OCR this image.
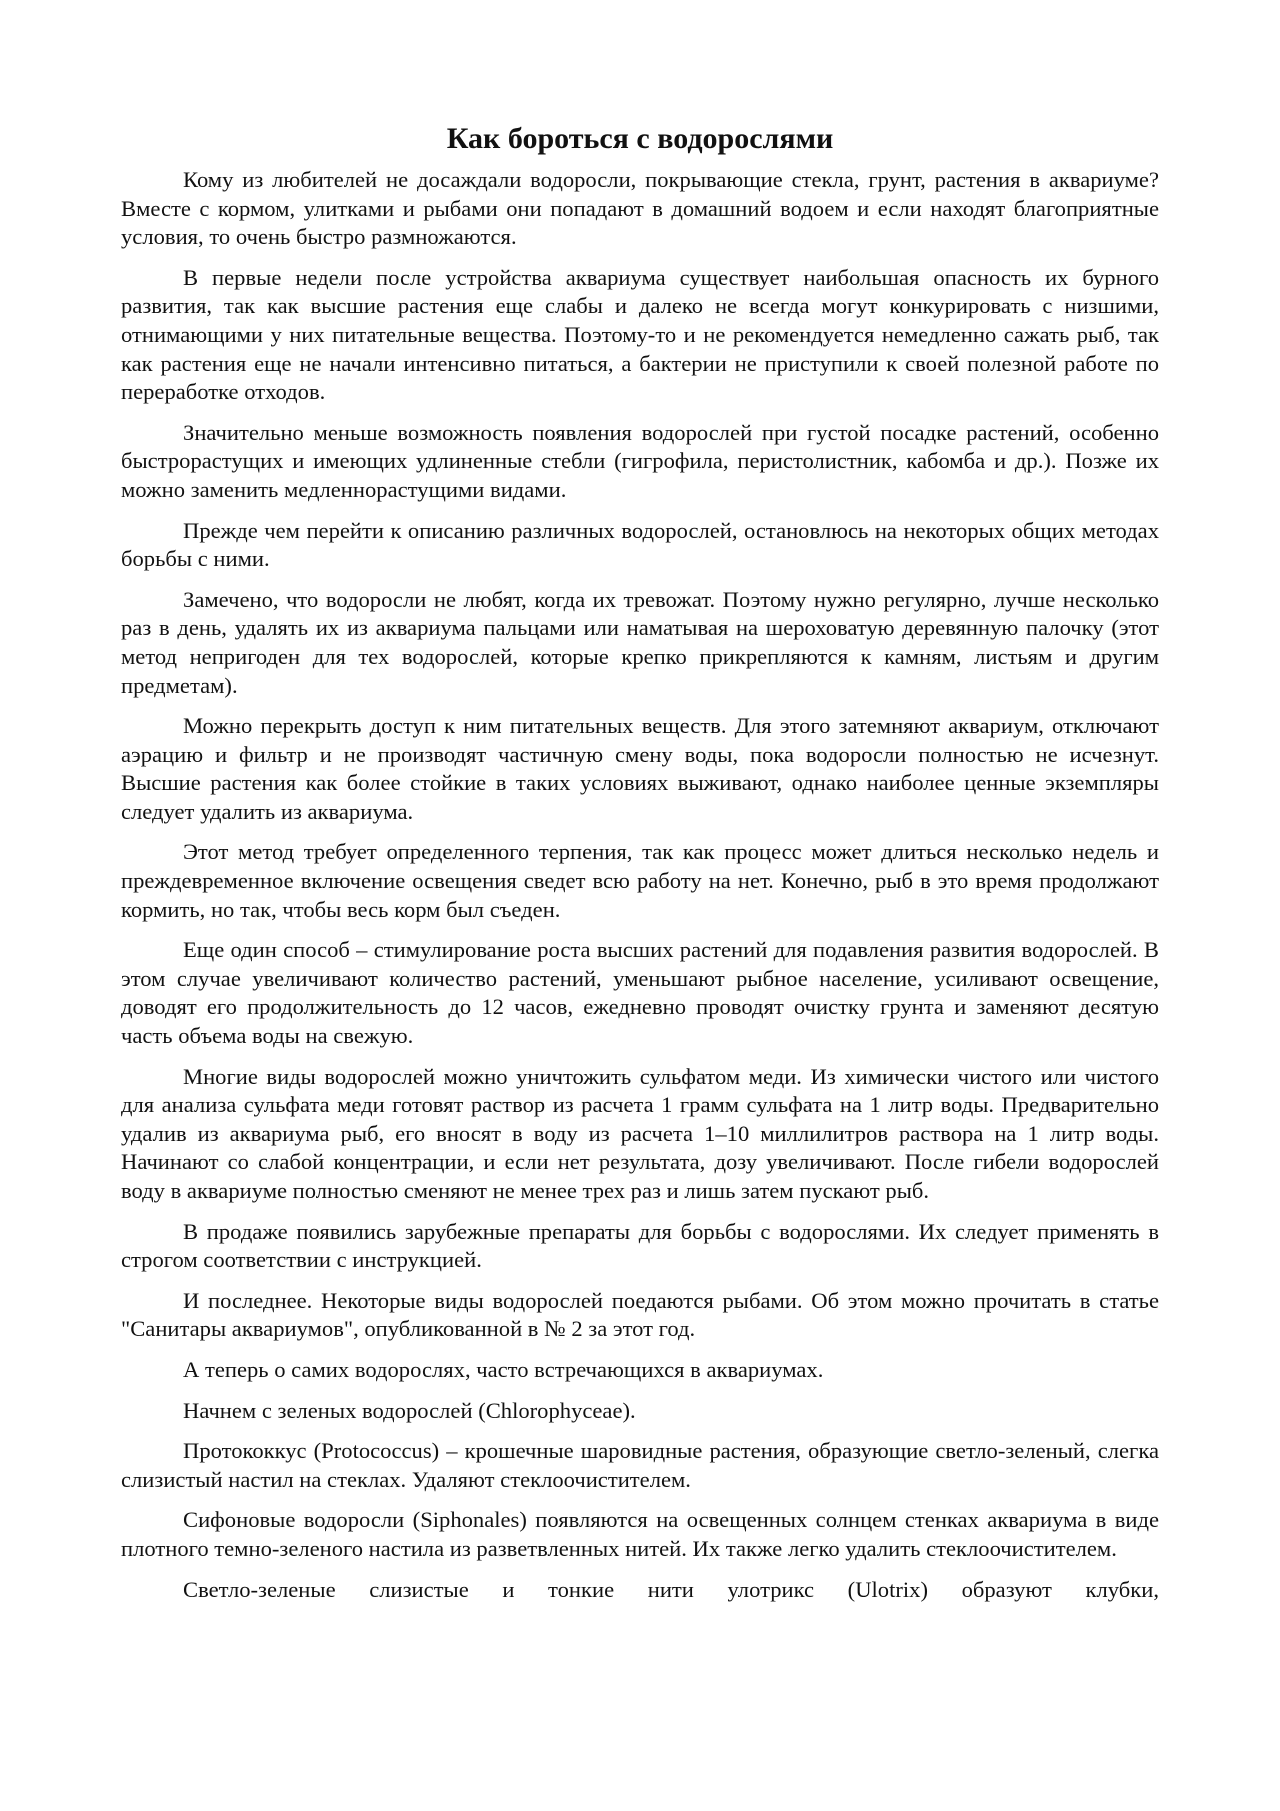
Как бороться с водорослями

Кому из любителей не досаждали водоросли, покрывающие стекла, грунт, растения в аквариуме? Вместе с кормом, улитками и рыбами они попадают в домашний водоем и если находят благоприятные условия, то очень быстро размножаются.

В первые недели после устройства аквариума существует наибольшая опасность их бурного развития, так как высшие растения еще слабы и далеко не всегда могут конкурировать с низшими, отнимающими у них питательные вещества. Поэтому-то и не рекомендуется немедленно сажать рыб, так как растения еще не начали интенсивно питаться, а бактерии не приступили к своей полезной работе по переработке отходов.

Значительно меньше возможность появления водорослей при густой посадке растений, особенно быстрорастущих и имеющих удлиненные стебли (гигрофила, перистолистник, кабомба и др.). Позже их можно заменить медленнорастущими видами.

Прежде чем перейти к описанию различных водорослей, остановлюсь на некоторых общих методах борьбы с ними.

Замечено, что водоросли не любят, когда их тревожат. Поэтому нужно регулярно, лучше несколько раз в день, удалять их из аквариума пальцами или наматывая на шероховатую деревянную палочку (этот метод непригоден для тех водорослей, которые крепко прикрепляются к камням, листьям и другим предметам).

Можно перекрыть доступ к ним питательных веществ. Для этого затемняют аквариум, отключают аэрацию и фильтр и не производят частичную смену воды, пока водоросли полностью не исчезнут. Высшие растения как более стойкие в таких условиях выживают, однако наиболее ценные экземпляры следует удалить из аквариума.

Этот метод требует определенного терпения, так как процесс может длиться несколько недель и преждевременное включение освещения сведет всю работу на нет. Конечно, рыб в это время продолжают кормить, но так, чтобы весь корм был съеден.

Еще один способ – стимулирование роста высших растений для подавления развития водорослей. В этом случае увеличивают количество растений, уменьшают рыбное население, усиливают освещение, доводят его продолжительность до 12 часов, ежедневно проводят очистку грунта и заменяют десятую часть объема воды на свежую.

Многие виды водорослей можно уничтожить сульфатом меди. Из химически чистого или чистого для анализа сульфата меди готовят раствор из расчета 1 грамм сульфата на 1 литр воды. Предварительно удалив из аквариума рыб, его вносят в воду из расчета 1–10 миллилитров раствора на 1 литр воды. Начинают со слабой концентрации, и если нет результата, дозу увеличивают. После гибели водорослей воду в аквариуме полностью сменяют не менее трех раз и лишь затем пускают рыб.

В продаже появились зарубежные препараты для борьбы с водорослями. Их следует применять в строгом соответствии с инструкцией.

И последнее. Некоторые виды водорослей поедаются рыбами. Об этом можно прочитать в статье "Санитары аквариумов", опубликованной в № 2 за этот год.

А теперь о самих водорослях, часто встречающихся в аквариумах.

Начнем с зеленых водорослей (Chlorophyceae).

Протококкус (Protococcus) – крошечные шаровидные растения, образующие светло-зеленый, слегка слизистый настил на стеклах. Удаляют стеклоочистителем.

Сифоновые водоросли (Siphonales) появляются на освещенных солнцем стенках аквариума в виде плотного темно-зеленого настила из разветвленных нитей. Их также легко удалить стеклоочистителем.

Светло-зеленые слизистые и тонкие нити улотрикс (Ulotrix) образуют клубки,
